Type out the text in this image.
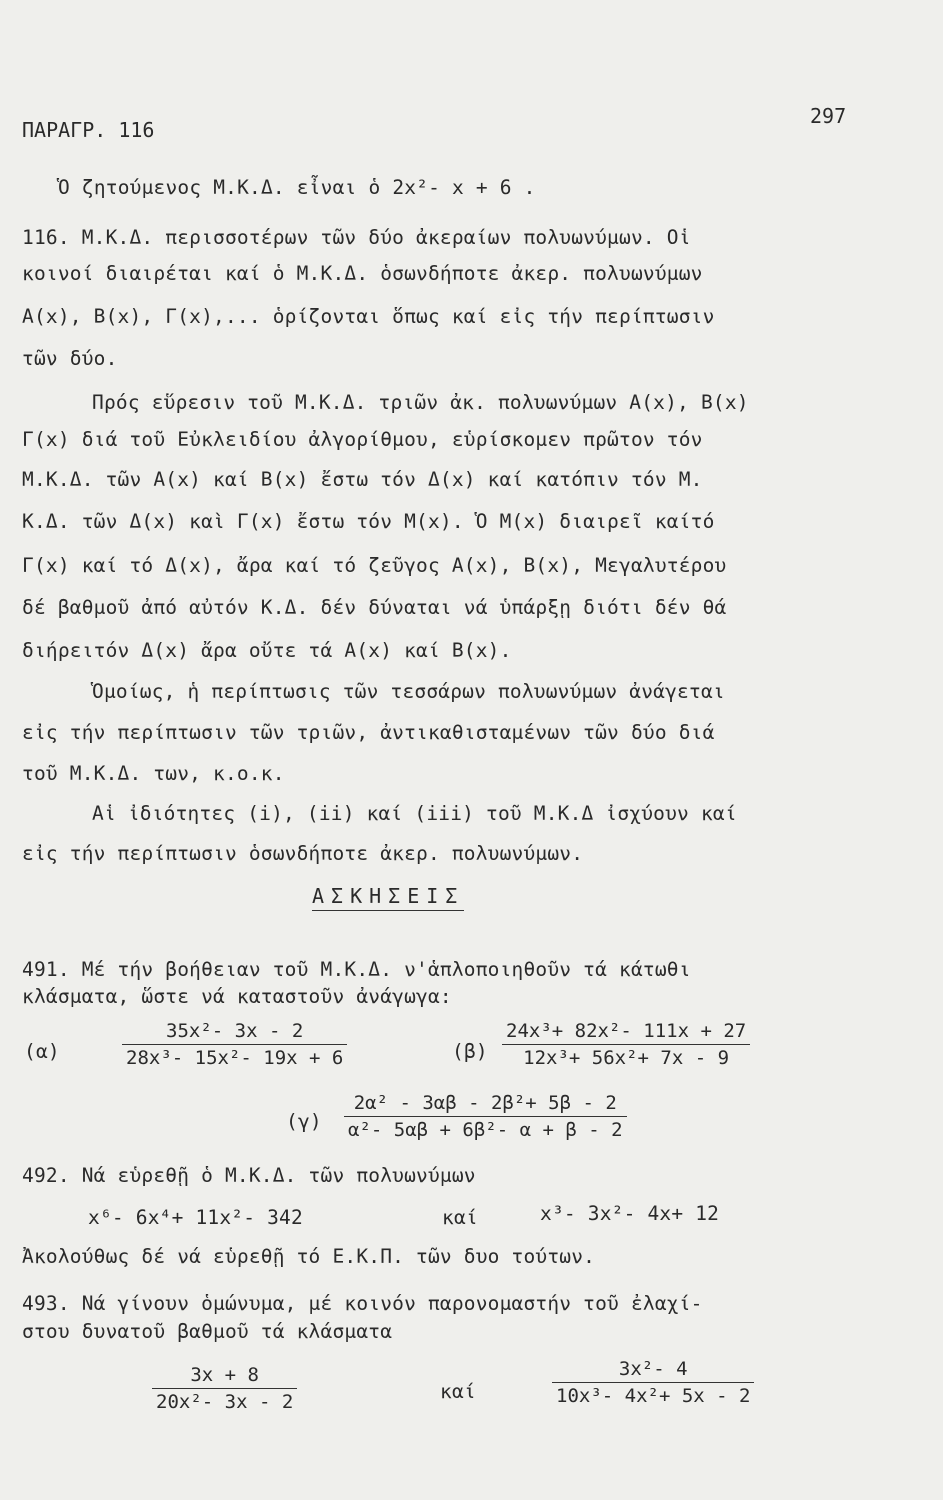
ΠΑΡΑΓΡ. 116
297
Ὁ ζητούμενος Μ.Κ.Δ. εἶναι ὁ 2x²- x + 6 .
116. Μ.Κ.Δ. περισσοτέρων τῶν δύο ἀκεραίων πολυωνύμων. Οἱ
κοινοί διαιρέται καί ὁ Μ.Κ.Δ. ὁσωνδήποτε ἀκερ. πολυωνύμων
Α(x), Β(x), Γ(x),... ὁρίζονται ὅπως καί εἰς τήν περίπτωσιν
τῶν δύο.
Πρός εὕρεσιν τοῦ Μ.Κ.Δ. τριῶν ἀκ. πολυωνύμων Α(x), Β(x)
Γ(x) διά τοῦ Εὐκλειδίου ἀλγορίθμου, εὑρίσκομεν πρῶτον τόν
Μ.Κ.Δ. τῶν Α(x) καί Β(x) ἔστω τόν Δ(x) καί κατόπιν τόν Μ.
Κ.Δ. τῶν Δ(x) καὶ Γ(x) ἔστω τόν Μ(x). Ὁ Μ(x) διαιρεῖ καίτό
Γ(x) καί τό Δ(x), ἄρα καί τό ζεῦγος Α(x), Β(x), Μεγαλυτέρου
δέ βαθμοῦ ἀπό αὐτόν Κ.Δ. δέν δύναται νά ὑπάρξῃ διότι δέν θά
διήρειτόν Δ(x) ἄρα οὔτε τά Α(x) καί Β(x).
Ὁμοίως, ἡ περίπτωσις τῶν τεσσάρων πολυωνύμων ἀνάγεται
εἰς τήν περίπτωσιν τῶν τριῶν, ἀντικαθισταμένων τῶν δύο διά
τοῦ Μ.Κ.Δ. των, κ.ο.κ.
Αἱ ἰδιότητες (i), (ii) καί (iii) τοῦ Μ.Κ.Δ ἰσχύουν καί
εἰς τήν περίπτωσιν ὁσωνδήποτε ἀκερ. πολυωνύμων.
ΑΣΚΗΣΕΙΣ
491. Μέ τήν βοήθειαν τοῦ Μ.Κ.Δ. ν'ἁπλοποιηθοῦν τά κάτωθι
κλάσματα, ὥστε νά καταστοῦν ἀνάγωγα:
(α)	$\frac{\text{35x²- 3x - 2}}{\text{28x³- 15x²- 19x + 6}}$	$(\beta) \frac{\text{24x³+ 82x²- 111x + 27}}{\text{12x³+ 56x²+ 7x - 9}}$
$(\gamma) \frac{\text{2α² - 3αβ - 2β²+ 5β - 2}}{\text{α²- 5αβ + 6β²- α + β - 2}}$
492. Νά εὑρεθῇ ὁ Μ.Κ.Δ. τῶν πολυωνύμων
x⁶- 6x⁴+ 11x²- 342	καί	x³- 3x²- 4x+ 12
Ἀκολούθως δέ νά εὑρεθῇ τό Ε.Κ.Π. τῶν δυο τούτων.
493. Νά γίνουν ὁμώνυμα, μέ κοινόν παρονομαστήν τοῦ ἐλαχί-
στου δυνατοῦ βαθμοῦ τά κλάσματα
$\frac{3x + 8}{\text{20x²- 3x - 2}}$	καί	$\frac{\text{3x²- 4}}{\text{10x³- 4x²+ 5x - 2}}$
